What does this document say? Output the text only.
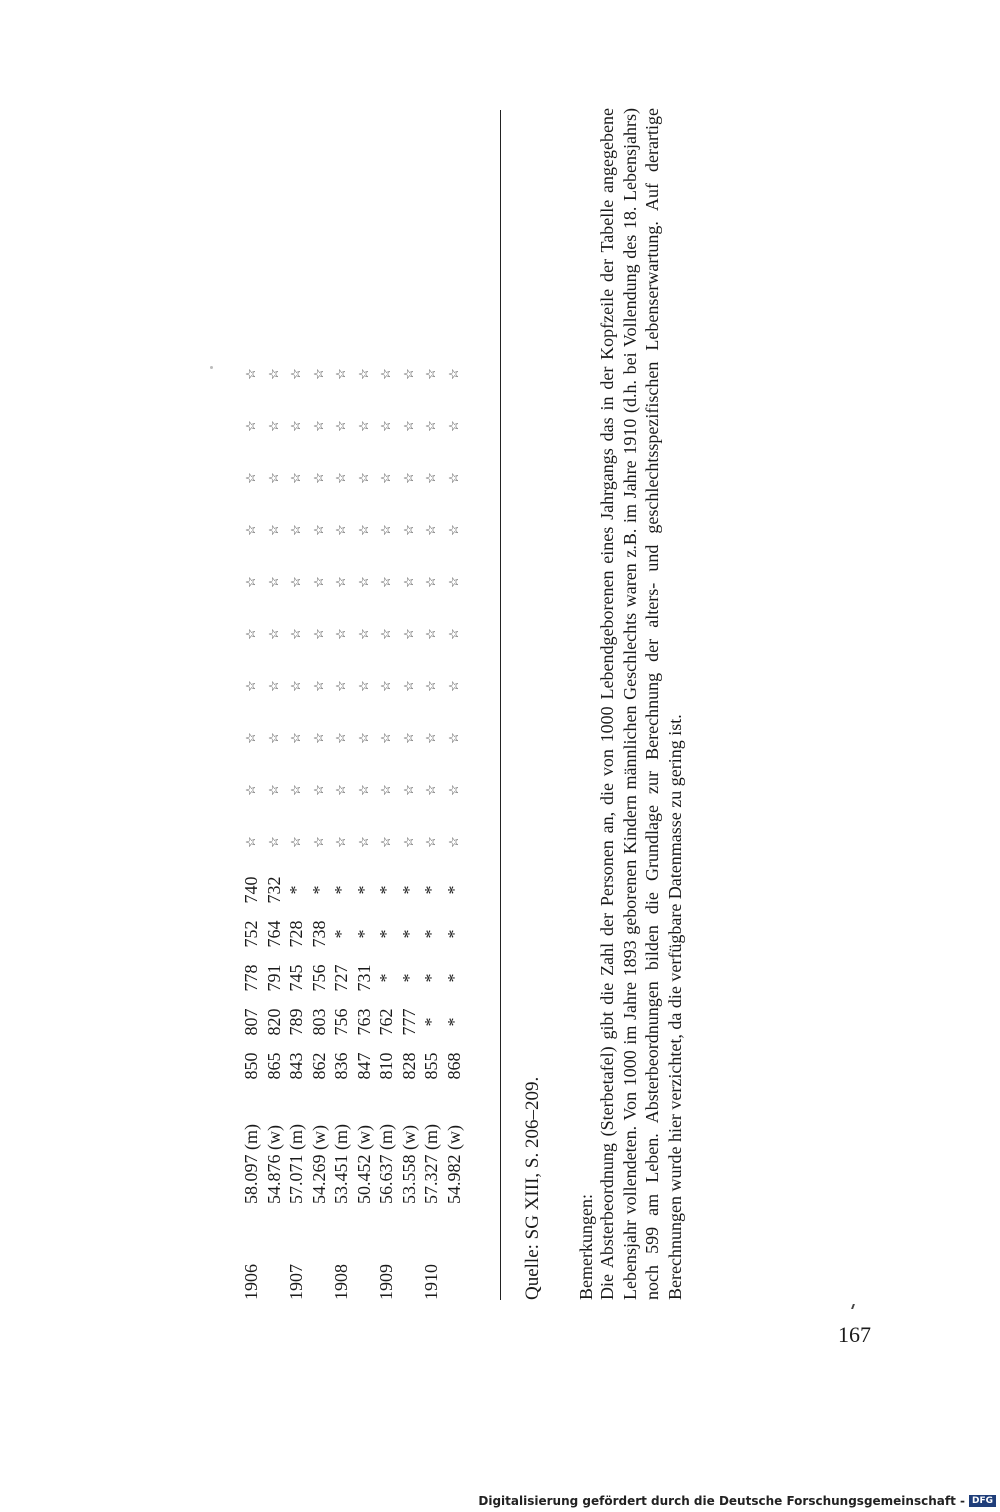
1906	58.097 (m)	850	807	778	752	740	☆	☆	☆	☆	☆	☆	☆	☆	☆	☆
	54.876 (w)	865	820	791	764	732	☆	☆	☆	☆	☆	☆	☆	☆	☆	☆
1907	57.071 (m)	843	789	745	728	*	☆	☆	☆	☆	☆	☆	☆	☆	☆	☆
	54.269 (w)	862	803	756	738	*	☆	☆	☆	☆	☆	☆	☆	☆	☆	☆
1908	53.451 (m)	836	756	727	*	*	☆	☆	☆	☆	☆	☆	☆	☆	☆	☆
	50.452 (w)	847	763	731	*	*	☆	☆	☆	☆	☆	☆	☆	☆	☆	☆
1909	56.637 (m)	810	762	*	*	*	☆	☆	☆	☆	☆	☆	☆	☆	☆	☆
	53.558 (w)	828	777	*	*	*	☆	☆	☆	☆	☆	☆	☆	☆	☆	☆
1910	57.327 (m)	855	*	*	*	*	☆	☆	☆	☆	☆	☆	☆	☆	☆	☆
	54.982 (w)	868	*	*	*	*	☆	☆	☆	☆	☆	☆	☆	☆	☆	☆
Quelle: SG XIII, S. 206–209. Bemerkungen: Die Absterbeordnung (Sterbetafel) gibt die Zahl der Personen an, die von 1000 Lebendgeborenen eines Jahrgangs das in der Kopfzeile der Tabelle angegebene Lebensjahr vollendeten. Von 1000 im Jahre 1893 geborenen Kindern männlichen Geschlechts waren z.B. im Jahre 1910 (d.h. bei Vollendung des 18. Lebensjahrs) noch 599 am Leben. Absterbeordnungen bilden die Grundlage zur Berechnung der alters- und geschlechtsspezifischen Lebenserwartung. Auf derartige Berechnungen wurde hier verzichtet, da die verfügbare Datenmasse zu gering ist.
167
Digitalisierung gefördert durch die Deutsche Forschungsgemeinschaft - DFG
